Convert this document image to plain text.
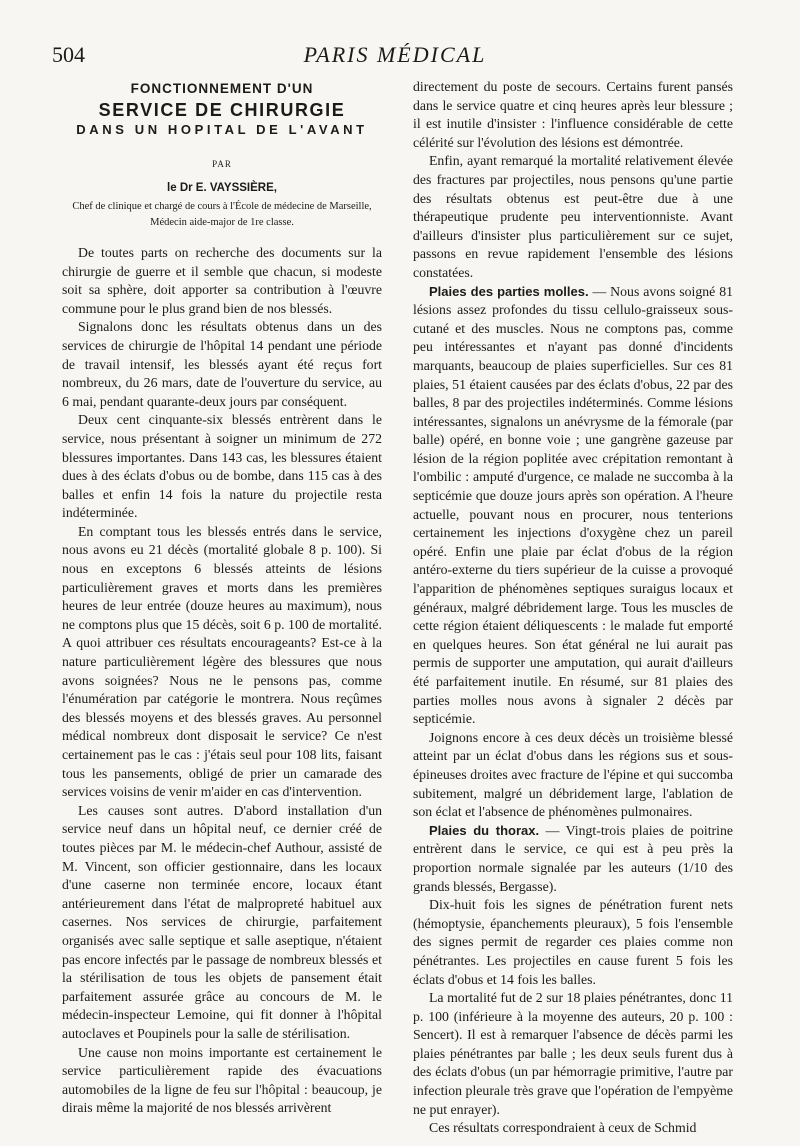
504	PARIS MÉDICAL
FONCTIONNEMENT D'UN
SERVICE DE CHIRURGIE
DANS UN HOPITAL DE L'AVANT
PAR
le Dr E. VAYSSIÈRE,
Chef de clinique et chargé de cours à l'École de médecine de Marseille,
Médecin aide-major de 1re classe.

De toutes parts on recherche des documents sur la chirurgie de guerre et il semble que chacun, si modeste soit sa sphère, doit apporter sa contribution à l'œuvre commune pour le plus grand bien de nos blessés.

Signalons donc les résultats obtenus dans un des services de chirurgie de l'hôpital 14 pendant une période de travail intensif, les blessés ayant été reçus fort nombreux, du 26 mars, date de l'ouverture du service, au 6 mai, pendant quarante-deux jours par conséquent.

Deux cent cinquante-six blessés entrèrent dans le service, nous présentant à soigner un minimum de 272 blessures importantes. Dans 143 cas, les blessures étaient dues à des éclats d'obus ou de bombe, dans 115 cas à des balles et enfin 14 fois la nature du projectile resta indéterminée.

En comptant tous les blessés entrés dans le service, nous avons eu 21 décès (mortalité globale 8 p. 100). Si nous en exceptons 6 blessés atteints de lésions particulièrement graves et morts dans les premières heures de leur entrée (douze heures au maximum), nous ne comptons plus que 15 décès, soit 6 p. 100 de mortalité. A quoi attribuer ces résultats encourageants? Est-ce à la nature particulièrement légère des blessures que nous avons soignées? Nous ne le pensons pas, comme l'énumération par catégorie le montrera. Nous reçûmes des blessés moyens et des blessés graves. Au personnel médical nombreux dont disposait le service? Ce n'est certainement pas le cas : j'étais seul pour 108 lits, faisant tous les pansements, obligé de prier un camarade des services voisins de venir m'aider en cas d'intervention.

Les causes sont autres. D'abord installation d'un service neuf dans un hôpital neuf, ce dernier créé de toutes pièces par M. le médecin-chef Authour, assisté de M. Vincent, son officier gestionnaire, dans les locaux d'une caserne non terminée encore, locaux étant antérieurement dans l'état de malpropreté habituel aux casernes. Nos services de chirurgie, parfaitement organisés avec salle septique et salle aseptique, n'étaient pas encore infectés par le passage de nombreux blessés et la stérilisation de tous les objets de pansement était parfaitement assurée grâce au concours de M. le médecin-inspecteur Lemoine, qui fit donner à l'hôpital autoclaves et Poupinels pour la salle de stérilisation.

Une cause non moins importante est certainement le service particulièrement rapide des évacuations automobiles de la ligne de feu sur l'hôpital : beaucoup, je dirais même la majorité de nos blessés arrivèrent

directement du poste de secours. Certains furent pansés dans le service quatre et cinq heures après leur blessure ; il est inutile d'insister : l'influence considérable de cette célérité sur l'évolution des lésions est démontrée.

Enfin, ayant remarqué la mortalité relativement élevée des fractures par projectiles, nous pensons qu'une partie des résultats obtenus est peut-être due à une thérapeutique prudente peu interventionniste. Avant d'ailleurs d'insister plus particulièrement sur ce sujet, passons en revue rapidement l'ensemble des lésions constatées.

Plaies des parties molles. — Nous avons soigné 81 lésions assez profondes du tissu cellulo-graisseux sous-cutané et des muscles. Nous ne comptons pas, comme peu intéressantes et n'ayant pas donné d'incidents marquants, beaucoup de plaies superficielles. Sur ces 81 plaies, 51 étaient causées par des éclats d'obus, 22 par des balles, 8 par des projectiles indéterminés. Comme lésions intéressantes, signalons un anévrysme de la fémorale (par balle) opéré, en bonne voie ; une gangrène gazeuse par lésion de la région poplitée avec crépitation remontant à l'ombilic : amputé d'urgence, ce malade ne succomba à la septicémie que douze jours après son opération. A l'heure actuelle, pouvant nous en procurer, nous tenterions certainement les injections d'oxygène chez un pareil opéré. Enfin une plaie par éclat d'obus de la région antéro-externe du tiers supérieur de la cuisse a provoqué l'apparition de phénomènes septiques suraigus locaux et généraux, malgré débridement large. Tous les muscles de cette région étaient déliquescents : le malade fut emporté en quelques heures. Son état général ne lui aurait pas permis de supporter une amputation, qui aurait d'ailleurs été parfaitement inutile. En résumé, sur 81 plaies des parties molles nous avons à signaler 2 décès par septicémie.

Joignons encore à ces deux décès un troisième blessé atteint par un éclat d'obus dans les régions sus et sous-épineuses droites avec fracture de l'épine et qui succomba subitement, malgré un débridement large, l'ablation de son éclat et l'absence de phénomènes pulmonaires.

Plaies du thorax. — Vingt-trois plaies de poitrine entrèrent dans le service, ce qui est à peu près la proportion normale signalée par les auteurs (1/10 des grands blessés, Bergasse).

Dix-huit fois les signes de pénétration furent nets (hémoptysie, épanchements pleuraux), 5 fois l'ensemble des signes permit de regarder ces plaies comme non pénétrantes. Les projectiles en cause furent 5 fois les éclats d'obus et 14 fois les balles.

La mortalité fut de 2 sur 18 plaies pénétrantes, donc 11 p. 100 (inférieure à la moyenne des auteurs, 20 p. 100 : Sencert). Il est à remarquer l'absence de décès parmi les plaies pénétrantes par balle ; les deux seuls furent dus à des éclats d'obus (un par hémorragie primitive, l'autre par infection pleurale très grave que l'opération de l'empyème ne put enrayer).

Ces résultats correspondraient à ceux de Schmid
